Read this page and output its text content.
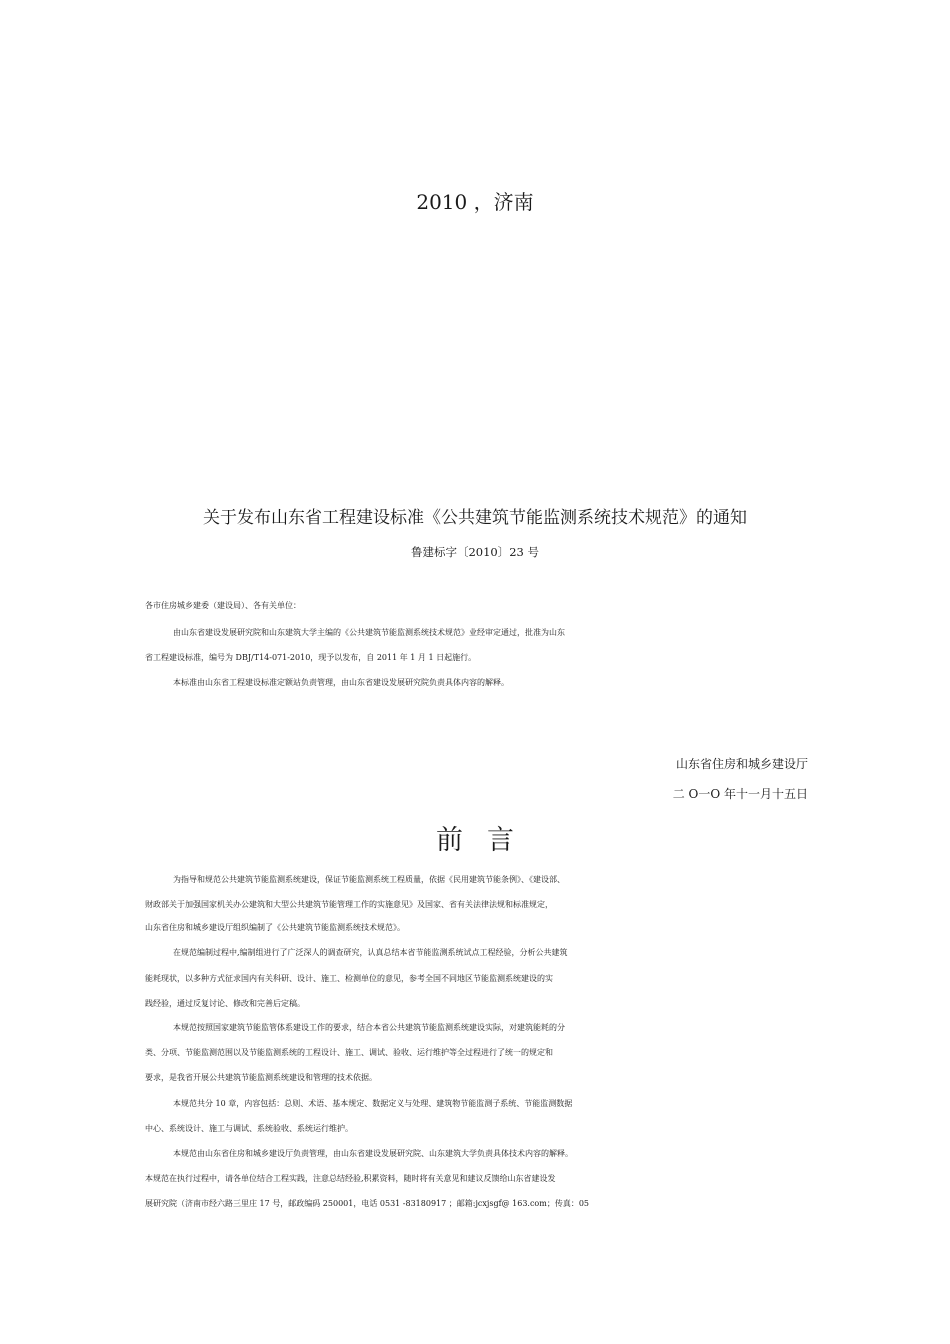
2010 ，济南
关于发布山东省工程建设标准《公共建筑节能监测系统技术规范》的通知
鲁建标字〔2010〕23 号
各市住房城乡建委（建设局）、各有关单位：
由山东省建设发展研究院和山东建筑大学主编的《公共建筑节能监测系统技术规范》业经审定通过，批准为山东
省工程建设标准，编号为 DBJ/T14-071-2010，现予以发布，自 2011 年 1 月 1 日起施行。
本标准由山东省工程建设标准定额站负责管理，由山东省建设发展研究院负责具体内容的解释。
山东省住房和城乡建设厅
二 O一O 年十一月十五日
前言
为指导和规范公共建筑节能监测系统建设，保证节能监测系统工程质量，依据《民用建筑节能条例》、《建设部、
财政部关于加强国家机关办公建筑和大型公共建筑节能管理工作的实施意见》及国家、省有关法律法规和标准规定，
山东省住房和城乡建设厅组织编制了《公共建筑节能监测系统技术规范》。
在规范编制过程中,编制组进行了广泛深人的调查研究，认真总结本省节能监测系统试点工程经验，分析公共建筑
能耗现状，以多种方式征求国内有关科研、设计、施工、检测单位的意见，参考全国不同地区节能监测系统建设的实
践经验，通过反复讨论、修改和完善后定稿。
本规范按照国家建筑节能监管体系建设工作的要求，结合本省公共建筑节能监测系统建设实际，对建筑能耗的分
类、分项、节能监测范围以及节能监测系统的工程设计、施工、调试、验收、运行维护等全过程进行了统一的规定和
要求，是我省开展公共建筑节能监测系统建设和管理的技术依据。
本规范共分 10 章，内容包括：总则、术语、基本规定、数据定义与处理、建筑物节能监测子系统、节能监测数据
中心、系统设计、施工与调试、系统验收、系统运行维护。
本规范由山东省住房和城乡建设厅负责管理，由山东省建设发展研究院、山东建筑大学负责具体技术内容的解释。
本规范在执行过程中，请各单位结合工程实践，注意总结经验,积累资料，随时将有关意见和建议反馈给山东省建设发
展研究院（济南市经六路三里庄 17 号，邮政编码 250001，电话 0531 -83180917 ；邮箱:jcxjsgf@ 163.com；传真：05
